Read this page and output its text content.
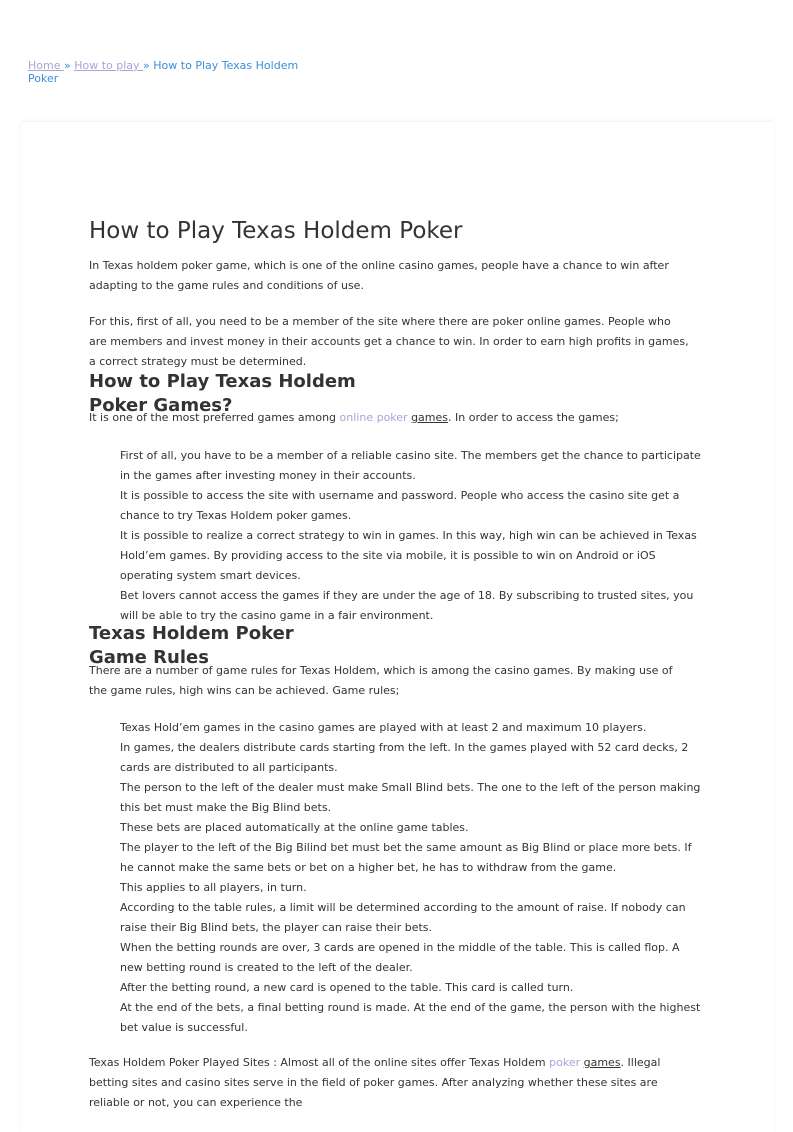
Home » How to play » How to Play Texas Holdem Poker
How to Play Texas Holdem Poker

In Texas holdem poker game, which is one of the online casino games, people have a chance to win after adapting to the game rules and conditions of use.

For this, first of all, you need to be a member of the site where there are poker online games. People who are members and invest money in their accounts get a chance to win. In order to earn high profits in games, a correct strategy must be determined.

How to Play Texas Holdem Poker Games?

It is one of the most preferred games among online poker games. In order to access the games;

First of all, you have to be a member of a reliable casino site. The members get the chance to participate in the games after investing money in their accounts.
It is possible to access the site with username and password. People who access the casino site get a chance to try Texas Holdem poker games.
It is possible to realize a correct strategy to win in games. In this way, high win can be achieved in Texas Hold’em games. By providing access to the site via mobile, it is possible to win on Android or iOS operating system smart devices.
Bet lovers cannot access the games if they are under the age of 18. By subscribing to trusted sites, you will be able to try the casino game in a fair environment.
Texas Holdem Poker Game Rules

There are a number of game rules for Texas Holdem, which is among the casino games. By making use of the game rules, high wins can be achieved. Game rules;

Texas Hold’em games in the casino games are played with at least 2 and maximum 10 players.
In games, the dealers distribute cards starting from the left. In the games played with 52 card decks, 2 cards are distributed to all participants.
The person to the left of the dealer must make Small Blind bets. The one to the left of the person making this bet must make the Big Blind bets.
These bets are placed automatically at the online game tables.
The player to the left of the Big Bilind bet must bet the same amount as Big Blind or place more bets. If he cannot make the same bets or bet on a higher bet, he has to withdraw from the game.
This applies to all players, in turn.
According to the table rules, a limit will be determined according to the amount of raise. If nobody can raise their Big Blind bets, the player can raise their bets.
When the betting rounds are over, 3 cards are opened in the middle of the table. This is called flop. A new betting round is created to the left of the dealer.
After the betting round, a new card is opened to the table. This card is called turn.
At the end of the bets, a final betting round is made. At the end of the game, the person with the highest bet value is successful.

Texas Holdem Poker Played Sites : Almost all of the online sites offer Texas Holdem poker games. Illegal betting sites and casino sites serve in the field of poker games. After analyzing whether these sites are reliable or not, you can experience the
